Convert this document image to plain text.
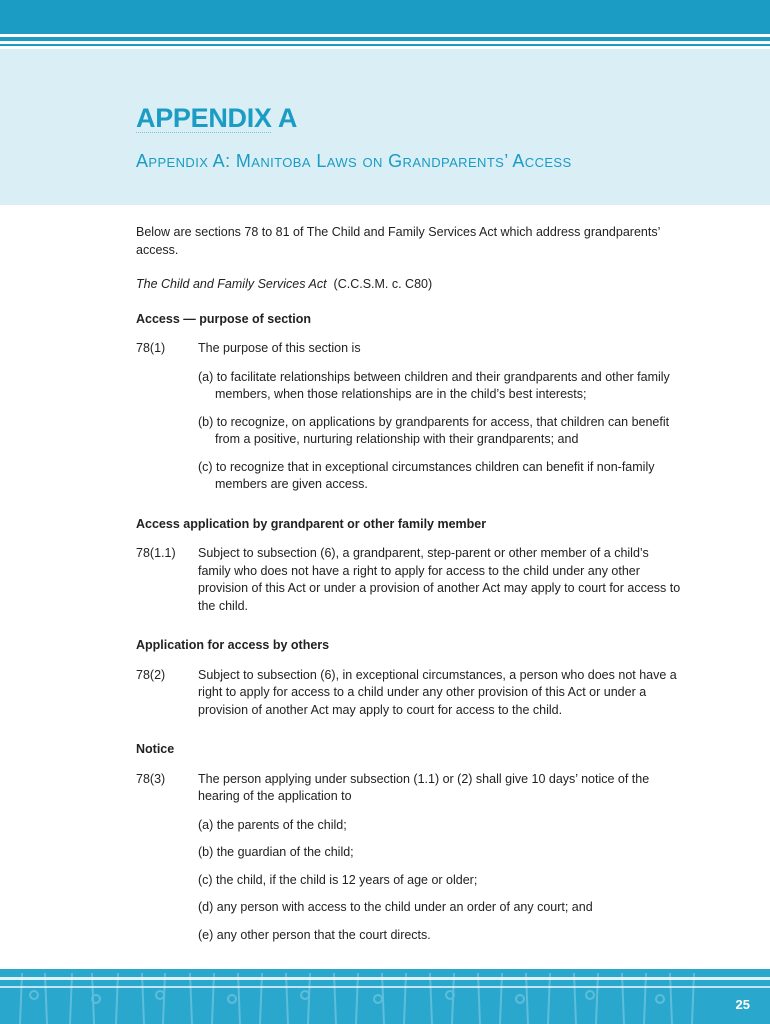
APPENDIX A
Appendix A: Manitoba Laws on Grandparents’ Access

Below are sections 78 to 81 of The Child and Family Services Act which address grandparents’ access.

The Child and Family Services Act (C.C.S.M. c. C80)

Access — purpose of section

78(1)	The purpose of this section is

(a) to facilitate relationships between children and their grandparents and other family members, when those relationships are in the child’s best interests;

(b) to recognize, on applications by grandparents for access, that children can benefit from a positive, nurturing relationship with their grandparents; and

(c) to recognize that in exceptional circumstances children can benefit if non-family members are given access.

Access application by grandparent or other family member

78(1.1)	Subject to subsection (6), a grandparent, step-parent or other member of a child’s family who does not have a right to apply for access to the child under any other provision of this Act or under a provision of another Act may apply to court for access to the child.

Application for access by others

78(2)	Subject to subsection (6), in exceptional circumstances, a person who does not have a right to apply for access to a child under any other provision of this Act or under a provision of another Act may apply to court for access to the child.

Notice

78(3)	The person applying under subsection (1.1) or (2) shall give 10 days’ notice of the hearing of the application to

(a) the parents of the child;

(b) the guardian of the child;

(c) the child, if the child is 12 years of age or older;

(d) any person with access to the child under an order of any court; and

(e) any other person that the court directs.

25
